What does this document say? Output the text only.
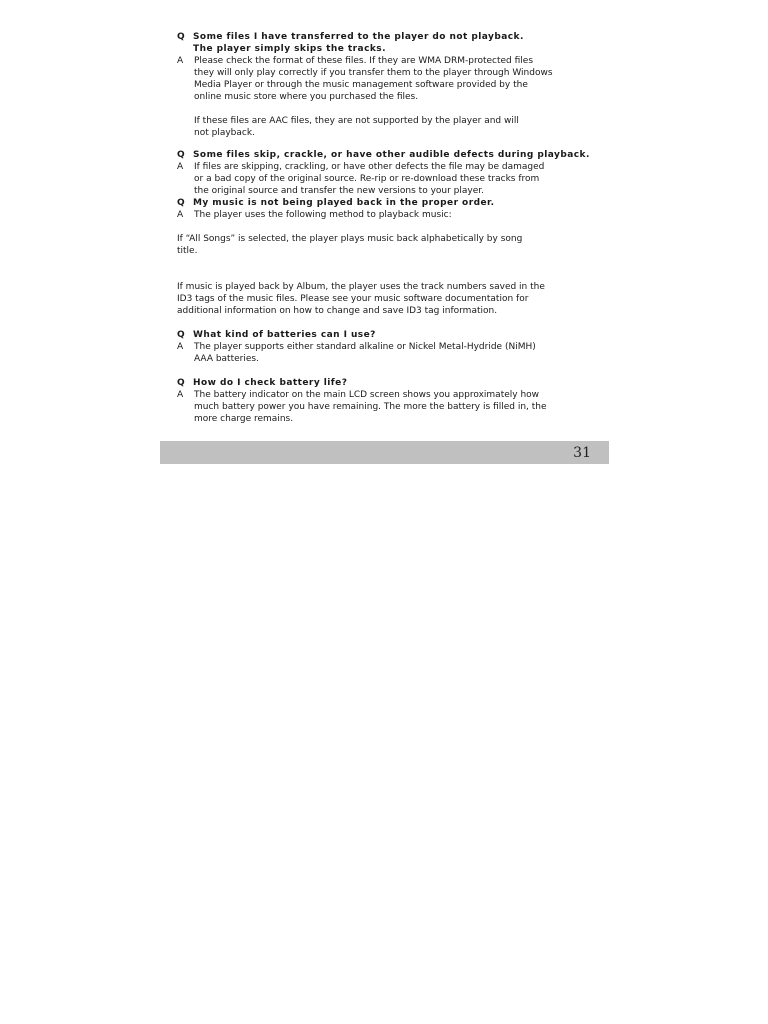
Q Some files I have transferred to the player do not playback.
The player simply skips the tracks.
A	Please check the format of these files. If they are WMA DRM-protected files
they will only play correctly if you transfer them to the player through Windows
Media Player or through the music management software provided by the
online music store where you purchased the files.
If these files are AAC files, they are not supported by the player and will
not playback.
Q Some files skip, crackle, or have other audible defects during playback.
A	If files are skipping, crackling, or have other defects the file may be damaged
or a bad copy of the original source. Re-rip or re-download these tracks from
the original source and transfer the new versions to your player.
Q My music is not being played back in the proper order.
A	The player uses the following method to playback music:
If “All Songs” is selected, the player plays music back alphabetically by song
title.
If music is played back by Album, the player uses the track numbers saved in the
ID3 tags of the music files. Please see your music software documentation for
additional information on how to change and save ID3 tag information.
Q What kind of batteries can I use?
A	The player supports either standard alkaline or Nickel Metal-Hydride (NiMH)
AAA batteries.
Q How do I check battery life?
A	The battery indicator on the main LCD screen shows you approximately how
much battery power you have remaining. The more the battery is filled in, the
more charge remains.
31
